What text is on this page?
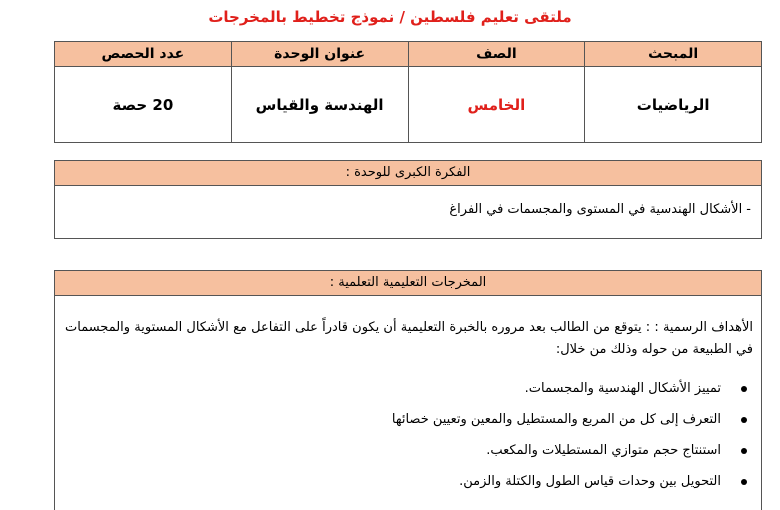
ملتقى تعليم فلسطين / نموذج تخطيط بالمخرجات
المبحث	الصف	عنوان الوحدة	عدد الحصص
الرياضيات	الخامس	الهندسة والقياس	20 حصة
الفكرة الكبرى للوحدة :
- الأشكال الهندسية في المستوى والمجسمات في الفراغ
المخرجات التعليمية التعلمية :
الأهداف الرسمية : : يتوقع من الطالب بعد مروره بالخبرة التعليمية أن يكون قادراً على التفاعل مع الأشكال المستوية والمجسمات في الطبيعة من حوله وذلك من خلال:
تمييز الأشكال الهندسية والمجسمات.
التعرف إلى كل من المربع والمستطيل والمعين وتعيين خصائها
استنتاج حجم متوازي المستطيلات والمكعب.
التحويل بين وحدات قياس الطول والكتلة والزمن.
